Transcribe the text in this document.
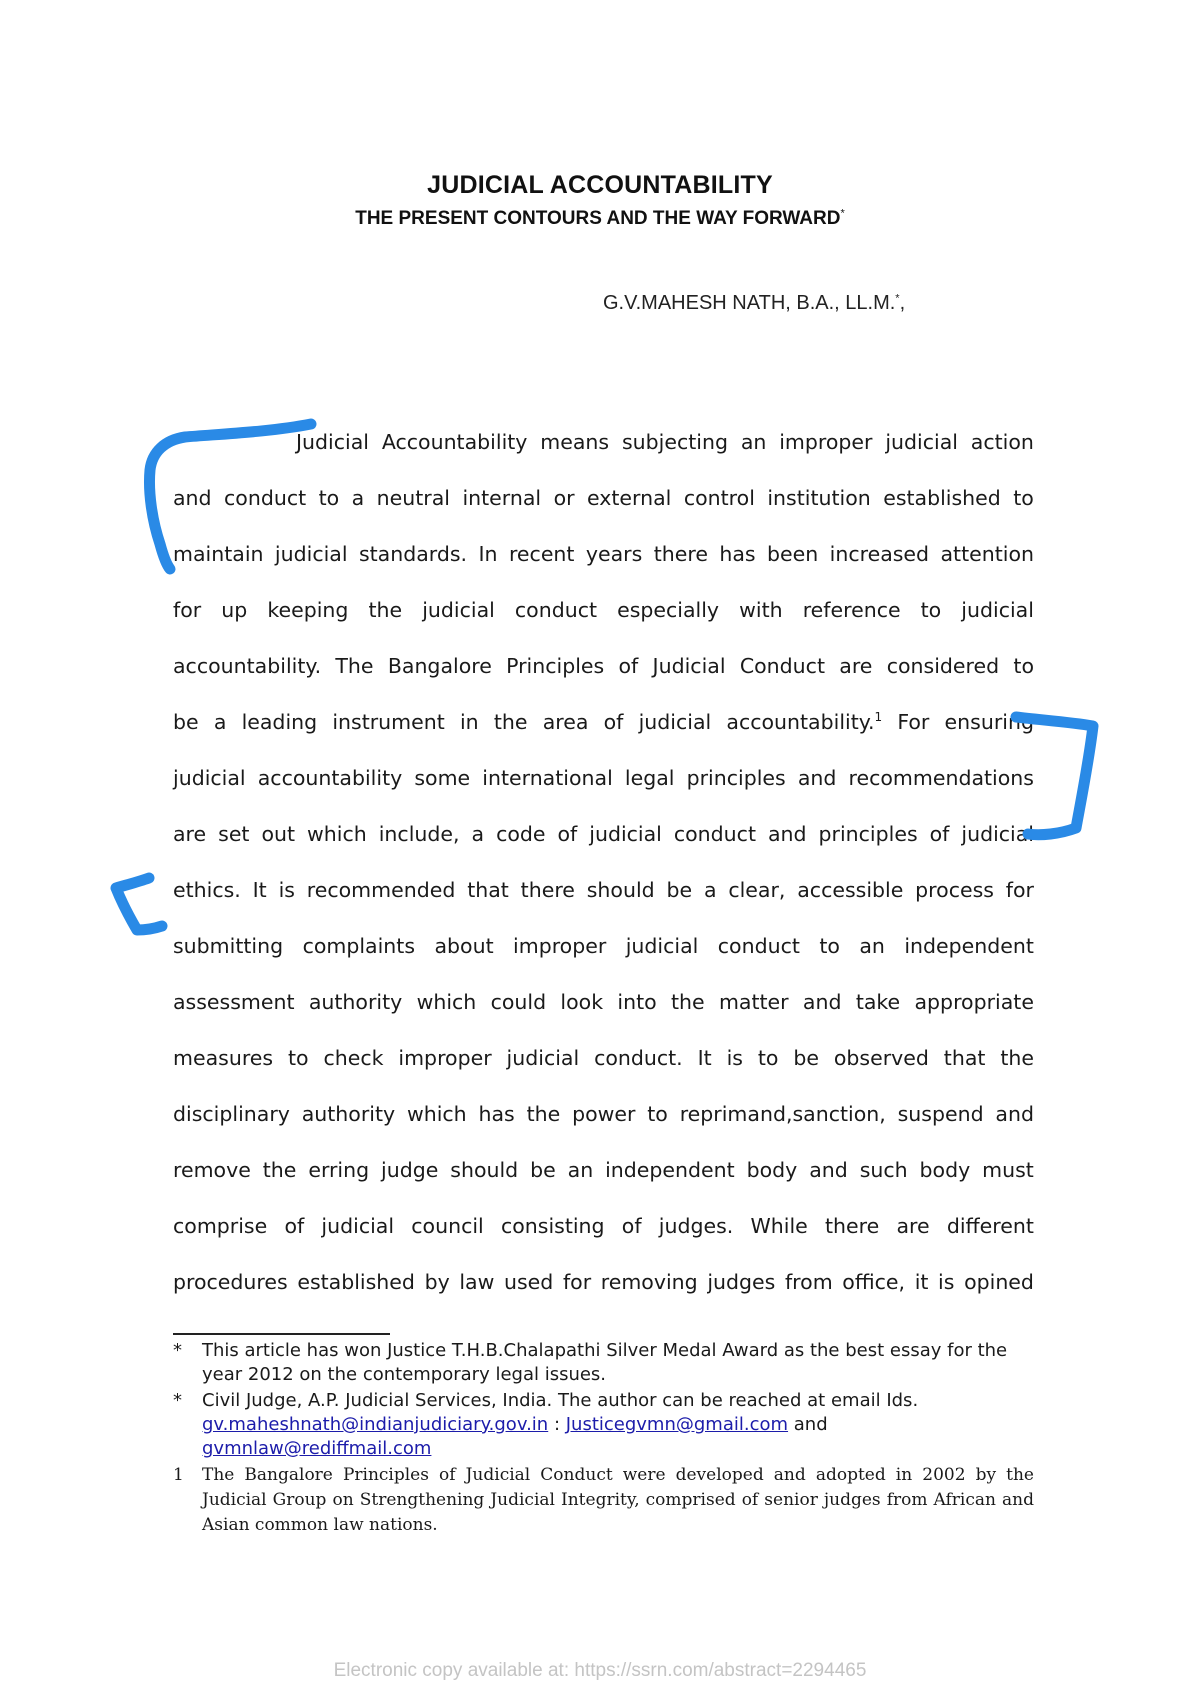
JUDICIAL ACCOUNTABILITY
THE PRESENT CONTOURS AND THE WAY FORWARD*
G.V.MAHESH NATH, B.A., LL.M.*,
Judicial Accountability means subjecting an improper judicial action
and conduct to a neutral internal or external control institution established to
maintain judicial standards. In recent years there has been increased attention
for up keeping the judicial conduct especially with reference to judicial
accountability. The Bangalore Principles of Judicial Conduct are considered to
be a leading instrument in the area of judicial accountability.$^1$ For ensuring
judicial accountability some international legal principles and recommendations
are set out which include, a code of judicial conduct and principles of judicial
ethics. It is recommended that there should be a clear, accessible process for
submitting complaints about improper judicial conduct to an independent
assessment authority which could look into the matter and take appropriate
measures to check improper judicial conduct. It is to be observed that the
disciplinary authority which has the power to reprimand,sanction, suspend and
remove the erring judge should be an independent body and such body must
comprise of judicial council consisting of judges. While there are different
procedures established by law used for removing judges from office, it is opined
* This article has won Justice T.H.B.Chalapathi Silver Medal Award as the best essay for the year 2012 on the contemporary legal issues.
* Civil Judge, A.P. Judicial Services, India. The author can be reached at email Ids.
gv.maheshnath@indianjudiciary.gov.in : Justicegvmn@gmail.com and
gvmnlaw@rediffmail.com
1 The Bangalore Principles of Judicial Conduct were developed and adopted in 2002 by the Judicial Group on Strengthening Judicial Integrity, comprised of senior judges from African and Asian common law nations.
Electronic copy available at: https://ssrn.com/abstract=2294465
